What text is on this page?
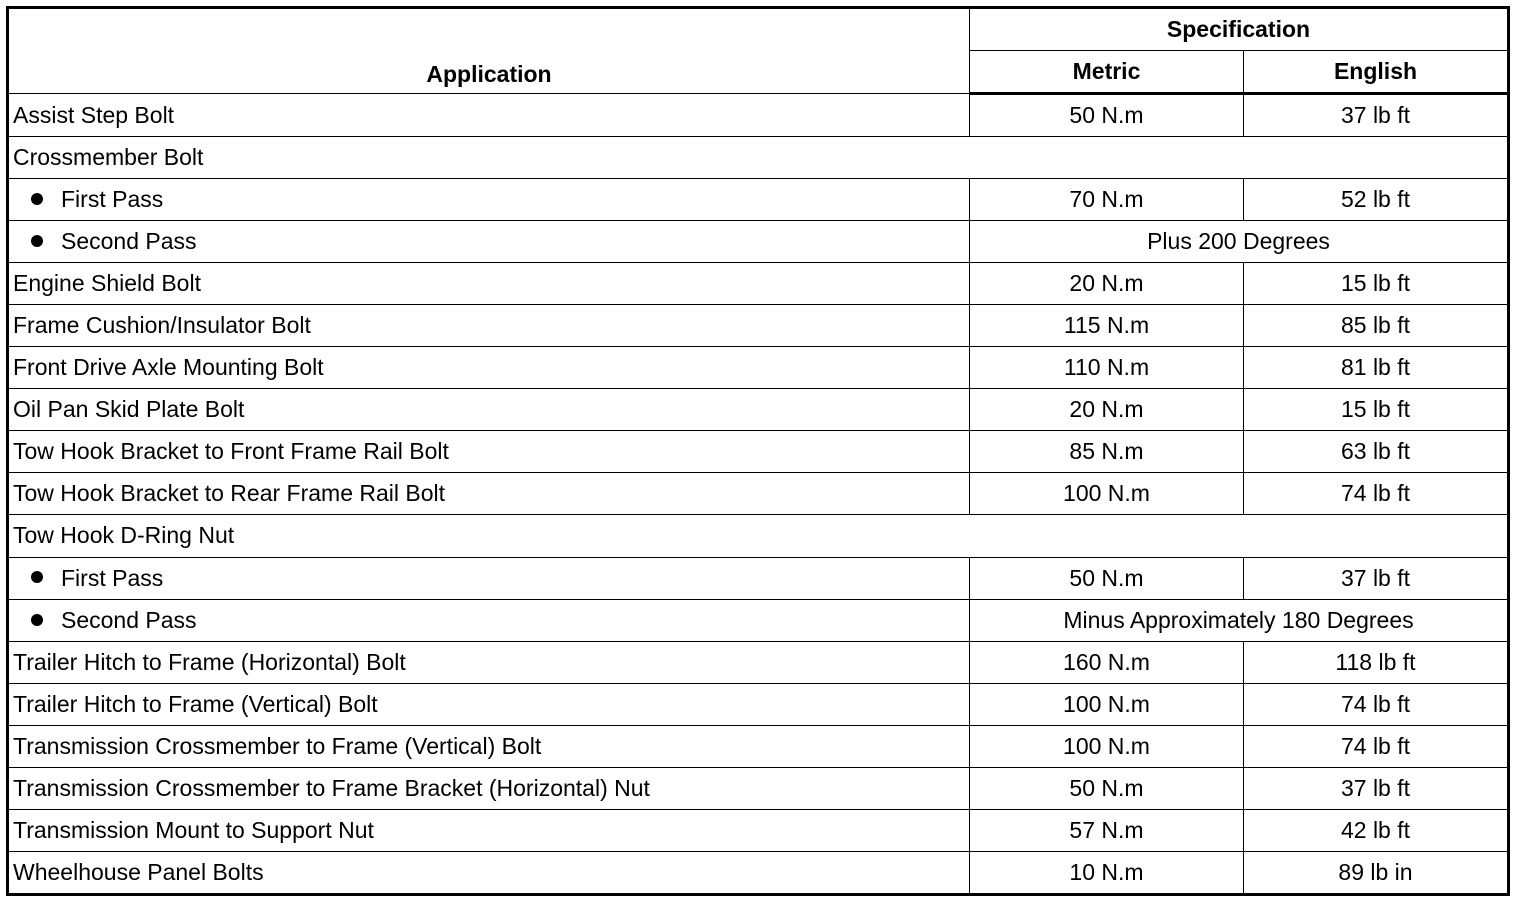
Application	Specification	
	Metric	English
Assist Step Bolt	50 N.m	37 lb ft
Crossmember Bolt		
First Pass	70 N.m	52 lb ft
Second Pass	Plus 200 Degrees	
Engine Shield Bolt	20 N.m	15 lb ft
Frame Cushion/Insulator Bolt	115 N.m	85 lb ft
Front Drive Axle Mounting Bolt	110 N.m	81 lb ft
Oil Pan Skid Plate Bolt	20 N.m	15 lb ft
Tow Hook Bracket to Front Frame Rail Bolt	85 N.m	63 lb ft
Tow Hook Bracket to Rear Frame Rail Bolt	100 N.m	74 lb ft
Tow Hook D-Ring Nut		
First Pass	50 N.m	37 lb ft
Second Pass	Minus Approximately 180 Degrees	
Trailer Hitch to Frame (Horizontal) Bolt	160 N.m	118 lb ft
Trailer Hitch to Frame (Vertical) Bolt	100 N.m	74 lb ft
Transmission Crossmember to Frame (Vertical) Bolt	100 N.m	74 lb ft
Transmission Crossmember to Frame Bracket (Horizontal) Nut	50 N.m	37 lb ft
Transmission Mount to Support Nut	57 N.m	42 lb ft
Wheelhouse Panel Bolts	10 N.m	89 lb in
